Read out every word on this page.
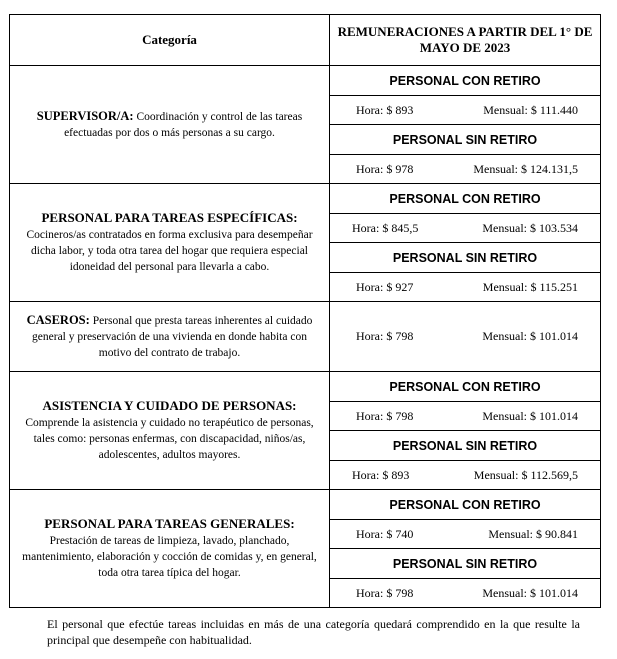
Categoría	REMUNERACIONES A PARTIR DEL 1° DE MAYO DE 2023
SUPERVISOR/A: Coordinación y control de las tareas efectuadas por dos o más personas a su cargo.	PERSONAL CON RETIRO

	Hora: $ 893 Mensual: $ 111.440

	PERSONAL SIN RETIRO

	Hora: $ 978 Mensual: $ 124.131,5

PERSONAL PARA TAREAS ESPECÍFICAS:
Cocineros/as contratados en forma exclusiva para desempeñar dicha labor, y toda otra tarea del hogar que requiera especial idoneidad del personal para llevarla a cabo.	PERSONAL CON RETIRO

	Hora: $ 845,5 Mensual: $ 103.534

	PERSONAL SIN RETIRO

	Hora: $ 927 Mensual: $ 115.251

CASEROS: Personal que presta tareas inherentes al cuidado general y preservación de una vivienda en donde habita con motivo del contrato de trabajo.	Hora: $ 798 Mensual: $ 101.014

ASISTENCIA Y CUIDADO DE PERSONAS:
Comprende la asistencia y cuidado no terapéutico de personas, tales como: personas enfermas, con discapacidad, niños/as, adolescentes, adultos mayores.	PERSONAL CON RETIRO

	Hora: $ 798 Mensual: $ 101.014

	PERSONAL SIN RETIRO

	Hora: $ 893 Mensual: $ 112.569,5

PERSONAL PARA TAREAS GENERALES:
Prestación de tareas de limpieza, lavado, planchado, mantenimiento, elaboración y cocción de comidas y, en general, toda otra tarea típica del hogar.	PERSONAL CON RETIRO

	Hora: $ 740 Mensual: $ 90.841

	PERSONAL SIN RETIRO

	Hora: $ 798 Mensual: $ 101.014
El personal que efectúe tareas incluidas en más de una categoría quedará comprendido en la que resulte la principal que desempeñe con habitualidad.
